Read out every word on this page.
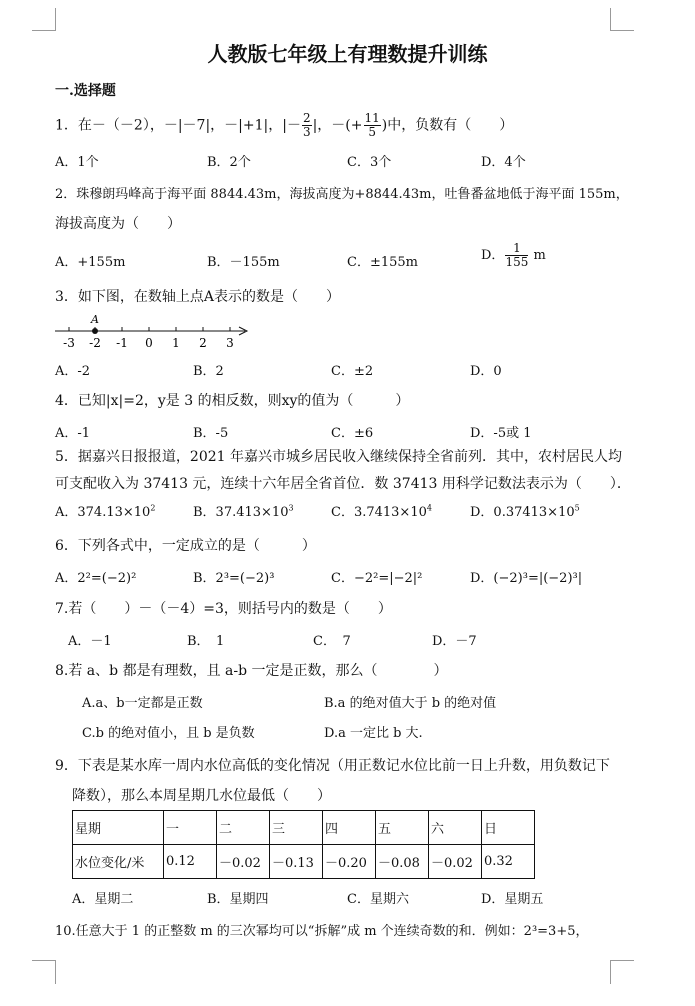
人教版七年级上有理数提升训练
一.选择题
1．在－（－2），－|－7|，－|+1|，|－ $\frac{2}{3}$ |，－(+ $\frac{11}{5}$ )中，负数有（　　）
A．1个	B．2个	C．3个	D．4个
2．珠穆朗玛峰高于海平面 8844.43m，海拔高度为+8844.43m，吐鲁番盆地低于海平面 155m，
海拔高度为（　　）
A．+155m	B．－155m	C．±155m	D． $\frac{1}{155}$ m
3．如下图，在数轴上点A表示的数是（　　）
A
-3 -2 -1 0 1 2 3
A．-2	B．2	C．±2	D．0
4．已知|x|=2，y是 3 的相反数，则xy的值为（　　　）
A．-1	B．-5	C．±6	D．-5或 1
5．据嘉兴日报报道，2021 年嘉兴市城乡居民收入继续保持全省前列．其中，农村居民人均
可支配收入为 37413 元，连续十六年居全省首位．数 37413 用科学记数法表示为（　　）．
A．$374.13\times 10^2$	B．$37.413\times 10^3$	C．$3.7413\times 10^4$	D．$0.37413\times 10^5$
6．下列各式中，一定成立的是（　　　）
A．2²=(−2)²	B．2³=(−2)³	C．−2²=|−2|²	D．(−2)³=|(−2)³|
7.若（　　）－（－4）=3，则括号内的数是（　　）
A．－1	B．　1	C．　7	D．－7
8.若 a、b 都是有理数，且 a-b 一定是正数，那么（　　　　）
A.a、b一定都是正数	B.a 的绝对值大于 b 的绝对值
C.b 的绝对值小，且 b 是负数	D.a 一定比 b 大.
9．下表是某水库一周内水位高低的变化情况（用正数记水位比前一日上升数，用负数记下
降数），那么本周星期几水位最低（　　）
星期	一	二	三	四	五	六	日
水位变化/米	0.12	－0.02	－0.13	－0.20	－0.08	－0.02	0.32
A．星期二	B．星期四	C．星期六	D．星期五
10.任意大于 1 的正整数 m 的三次幂均可以“拆解”成 m 个连续奇数的和．例如：2³=3+5，
